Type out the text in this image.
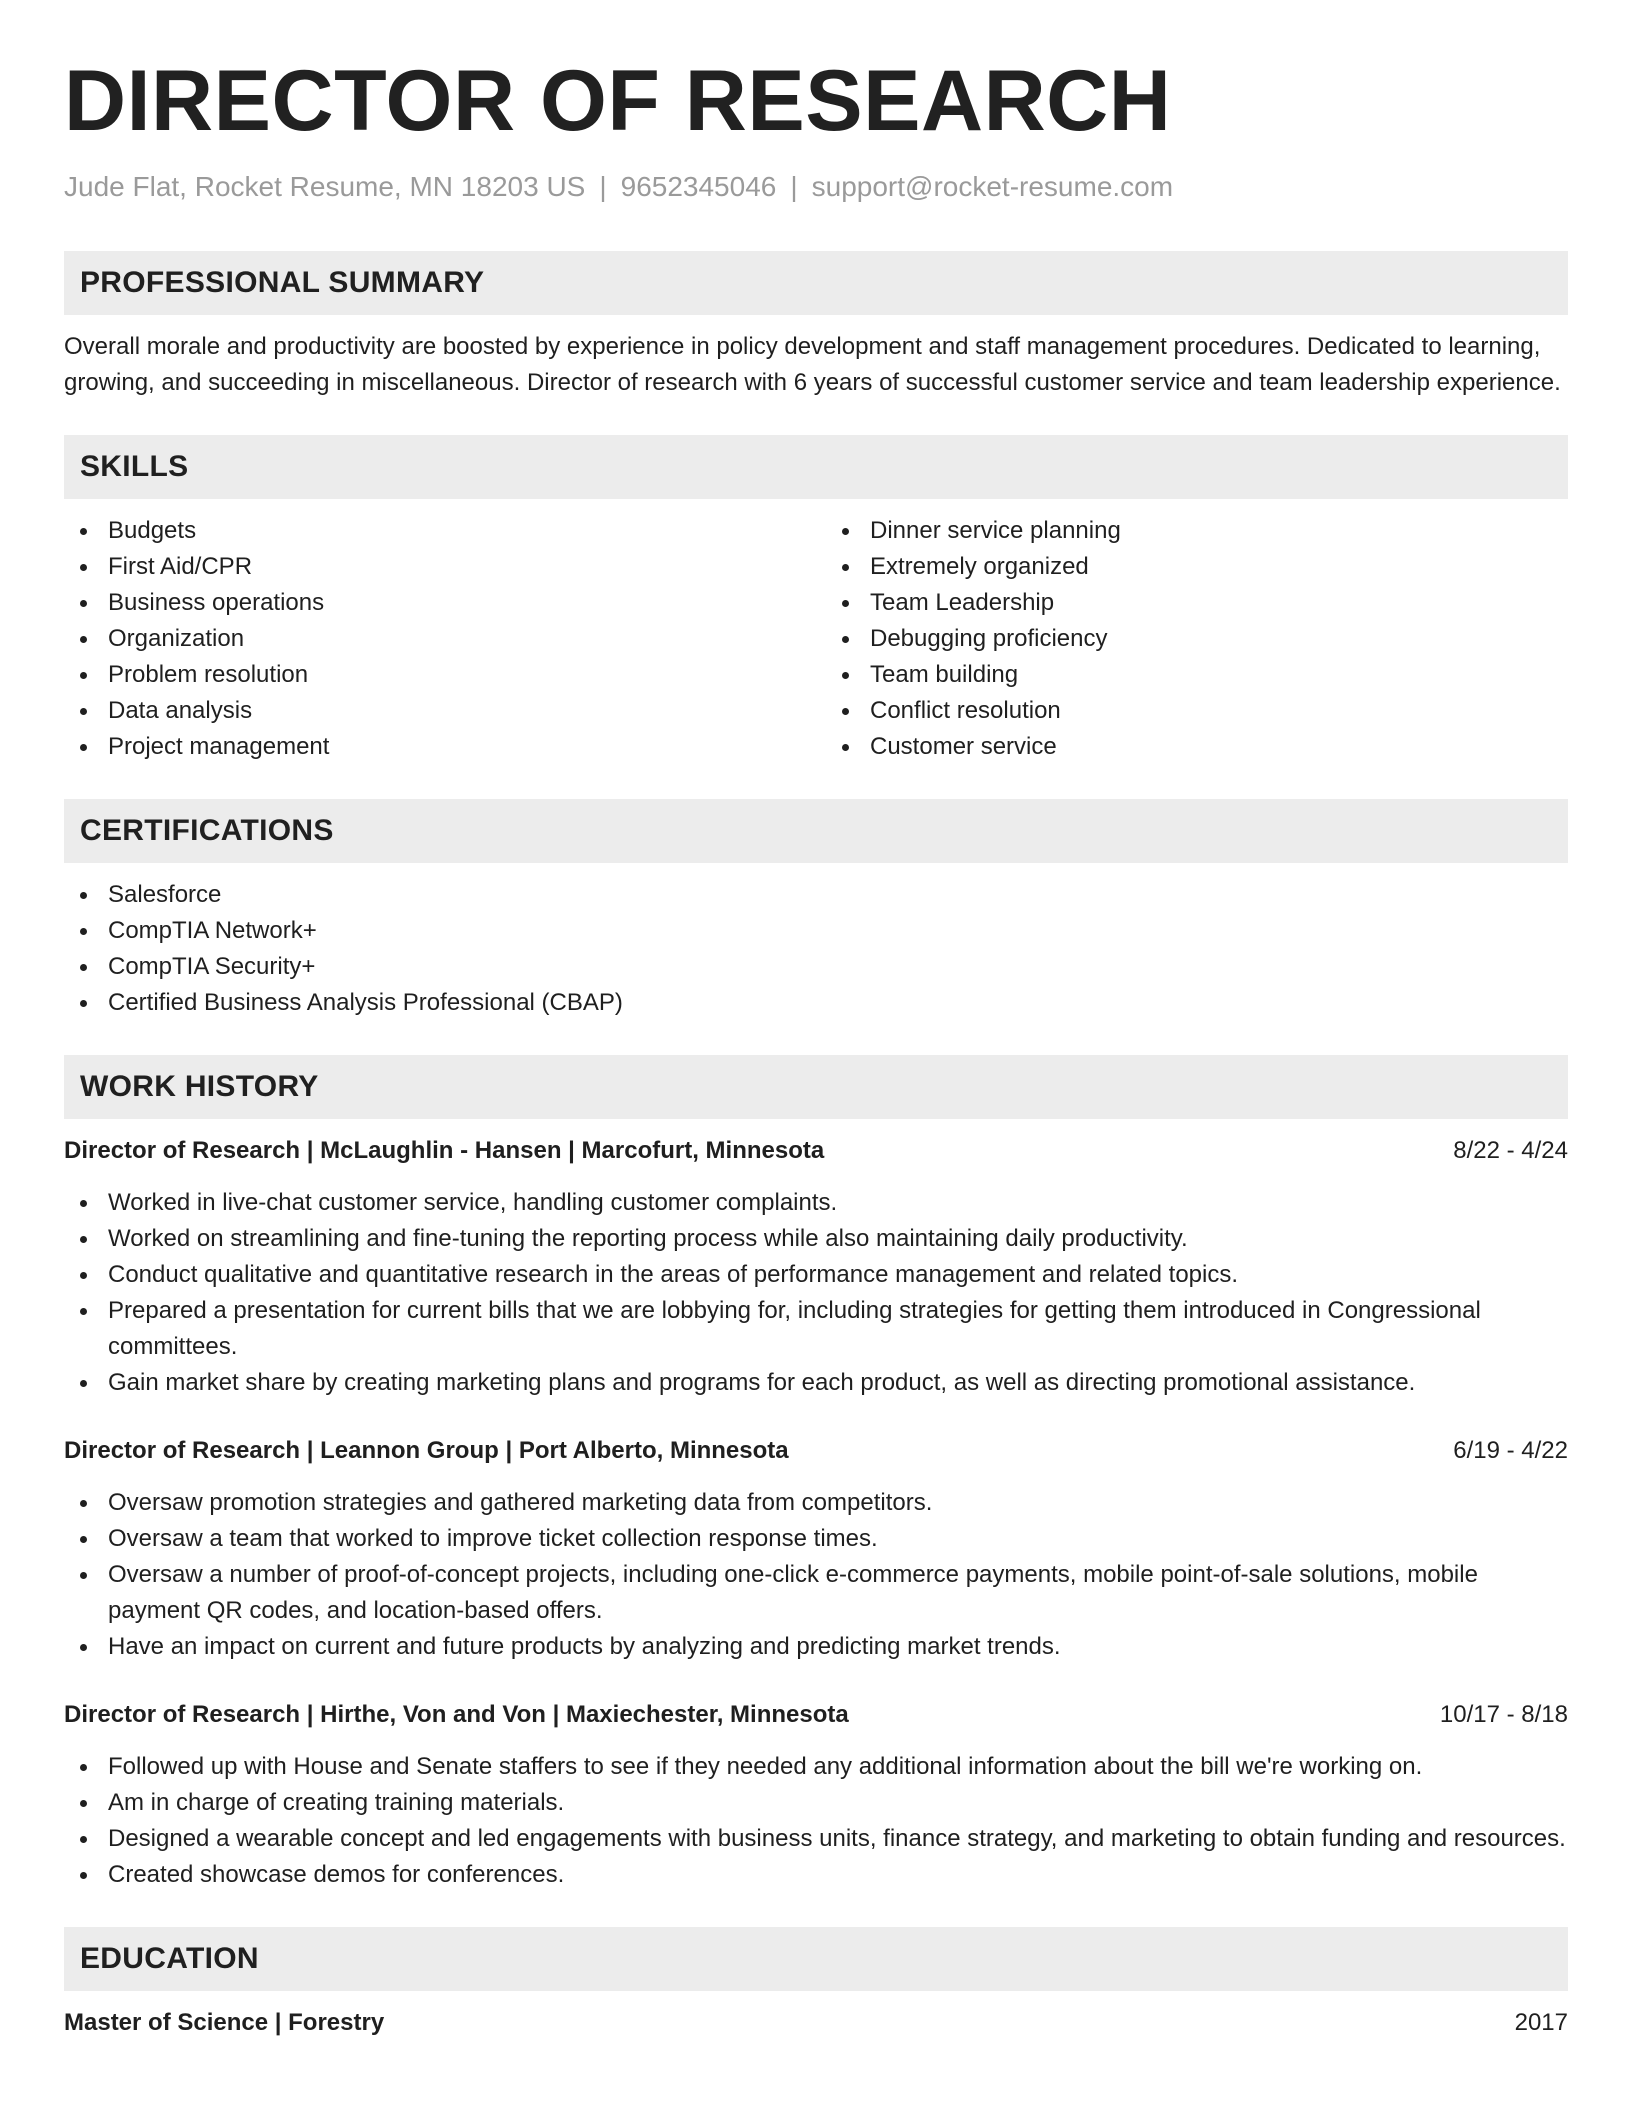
DIRECTOR OF RESEARCH
Jude Flat, Rocket Resume, MN 18203 US | 9652345046 | support@rocket-resume.com
PROFESSIONAL SUMMARY
Overall morale and productivity are boosted by experience in policy development and staff management procedures. Dedicated to learning, growing, and succeeding in miscellaneous. Director of research with 6 years of successful customer service and team leadership experience.
SKILLS
Budgets
First Aid/CPR
Business operations
Organization
Problem resolution
Data analysis
Project management
Dinner service planning
Extremely organized
Team Leadership
Debugging proficiency
Team building
Conflict resolution
Customer service
CERTIFICATIONS
Salesforce
CompTIA Network+
CompTIA Security+
Certified Business Analysis Professional (CBAP)
WORK HISTORY
Director of Research | McLaughlin - Hansen | Marcofurt, Minnesota	8/22 - 4/24
Worked in live-chat customer service, handling customer complaints.
Worked on streamlining and fine-tuning the reporting process while also maintaining daily productivity.
Conduct qualitative and quantitative research in the areas of performance management and related topics.
Prepared a presentation for current bills that we are lobbying for, including strategies for getting them introduced in Congressional committees.
Gain market share by creating marketing plans and programs for each product, as well as directing promotional assistance.
Director of Research | Leannon Group | Port Alberto, Minnesota	6/19 - 4/22
Oversaw promotion strategies and gathered marketing data from competitors.
Oversaw a team that worked to improve ticket collection response times.
Oversaw a number of proof-of-concept projects, including one-click e-commerce payments, mobile point-of-sale solutions, mobile payment QR codes, and location-based offers.
Have an impact on current and future products by analyzing and predicting market trends.
Director of Research | Hirthe, Von and Von | Maxiechester, Minnesota	10/17 - 8/18
Followed up with House and Senate staffers to see if they needed any additional information about the bill we're working on.
Am in charge of creating training materials.
Designed a wearable concept and led engagements with business units, finance strategy, and marketing to obtain funding and resources.
Created showcase demos for conferences.
EDUCATION
Master of Science | Forestry	2017
